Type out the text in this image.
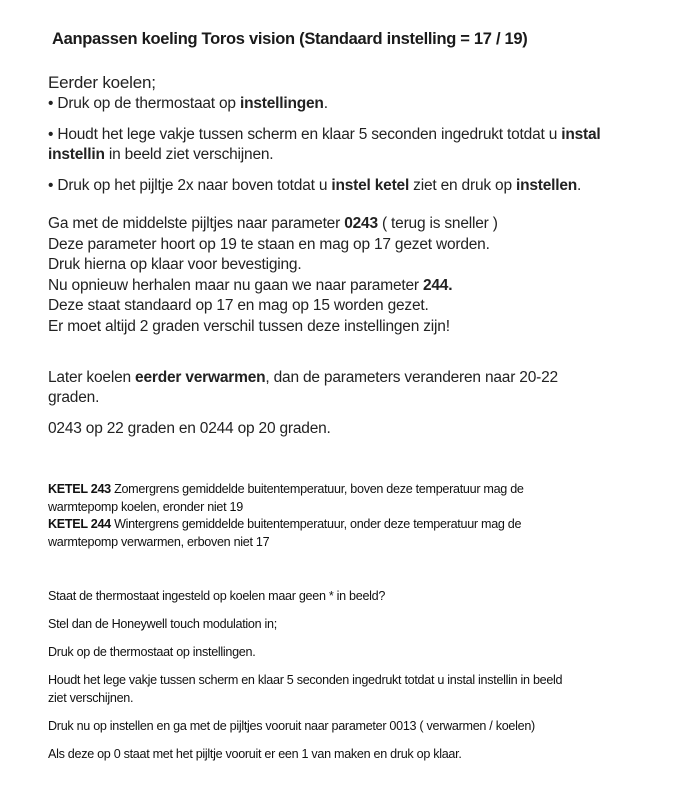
Aanpassen koeling Toros vision (Standaard instelling = 17 / 19)
Eerder koelen;
• Druk op de thermostaat op instellingen.
• Houdt het lege vakje tussen scherm en klaar 5 seconden ingedrukt totdat u instal
instellin in beeld ziet verschijnen.
• Druk op het pijltje 2x naar boven totdat u instel ketel ziet en druk op instellen.
Ga met de middelste pijltjes naar parameter 0243 ( terug is sneller )
Deze parameter hoort op 19 te staan en mag op 17 gezet worden.
Druk hierna op klaar voor bevestiging.
Nu opnieuw herhalen maar nu gaan we naar parameter 244.
Deze staat standaard op 17 en mag op 15 worden gezet.
Er moet altijd 2 graden verschil tussen deze instellingen zijn!
Later koelen eerder verwarmen, dan de parameters veranderen naar 20-22
graden.
0243 op 22 graden en 0244 op 20 graden.
KETEL 243 Zomergrens gemiddelde buitentemperatuur, boven deze temperatuur mag de
warmtepomp koelen, eronder niet 19
KETEL 244 Wintergrens gemiddelde buitentemperatuur, onder deze temperatuur mag de
warmtepomp verwarmen, erboven niet 17
Staat de thermostaat ingesteld op koelen maar geen * in beeld?
Stel dan de Honeywell touch modulation in;
Druk op de thermostaat op instellingen.
Houdt het lege vakje tussen scherm en klaar 5 seconden ingedrukt totdat u instal instellin in beeld
ziet verschijnen.
Druk nu op instellen en ga met de pijltjes vooruit naar parameter 0013 ( verwarmen / koelen)
Als deze op 0 staat met het pijltje vooruit er een 1 van maken en druk op klaar.
